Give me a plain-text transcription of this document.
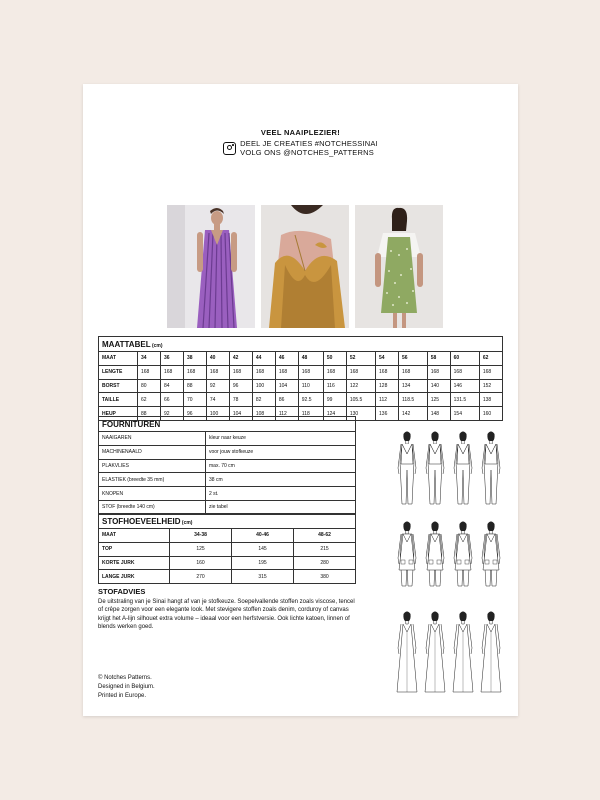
VEEL NAAIPLEZIER!
DEEL JE CREATIES #NOTCHESSINAI
VOLG ONS @NOTCHES_PATTERNS
MAATTABEL (cm)															
MAAT	34	36	38	40	42	44	46	48	50	52	54	56	58	60	62
LENGTE	168	168	168	168	168	168	168	168	168	168	168	168	168	168	168
BORST	80	84	88	92	96	100	104	110	116	122	128	134	140	146	152
TAILLE	62	66	70	74	78	82	86	92.5	99	105.5	112	118.5	125	131.5	138
HEUP	88	92	96	100	104	108	112	118	124	130	136	142	148	154	160
FOURNITUREN	
NAAIGAREN	kleur naar keuze
MACHINENAALD	voor jouw stofkeuze
PLAKVLIES	max. 70 cm
ELASTIEK (breedte 35 mm)	38 cm
KNOPEN	2 st.
STOF (breedte 140 cm)	zie tabel
STOFHOEVEELHEID (cm)			
MAAT	34-38	40-46	48-62
TOP	125	145	215
KORTE JURK	160	195	280
LANGE JURK	270	315	380
STOFADVIES

De uitstraling van je Sinai hangt af van je stofkeuze. Soepelvallende stoffen zoals viscose, tencel of crêpe zorgen voor een elegante look. Met stevigere stoffen zoals denim, corduroy of canvas krijgt het A-lijn silhouet extra volume – ideaal voor een herfstversie. Ook lichte katoen, linnen of blends werken goed.

© Notches Patterns.
Designed in Belgium.
Printed in Europe.
